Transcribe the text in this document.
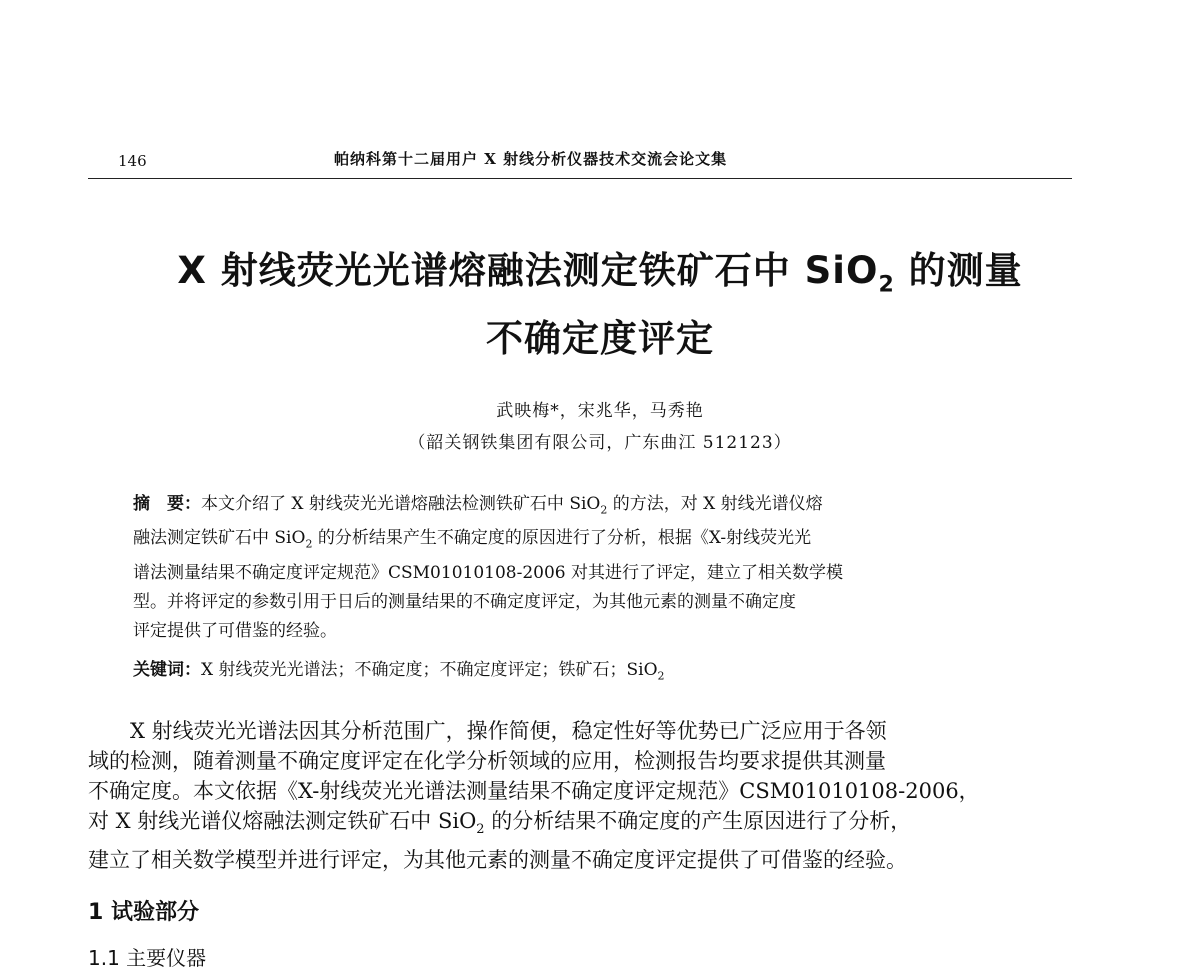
146	帕纳科第十二届用户 X 射线分析仪器技术交流会论文集
X 射线荧光光谱熔融法测定铁矿石中 SiO$_2$ 的测量
不确定度评定
武映梅*，宋兆华，马秀艳
（韶关钢铁集团有限公司，广东曲江 512123）
摘　要：本文介绍了 X 射线荧光光谱熔融法检测铁矿石中 SiO$_2$ 的方法，对 X 射线光谱仪熔
融法测定铁矿石中 SiO$_2$ 的分析结果产生不确定度的原因进行了分析，根据《X-射线荧光光
谱法测量结果不确定度评定规范》CSM01010108-2006 对其进行了评定，建立了相关数学模
型。并将评定的参数引用于日后的测量结果的不确定度评定，为其他元素的测量不确定度
评定提供了可借鉴的经验。
关键词：X 射线荧光光谱法；不确定度；不确定度评定；铁矿石；SiO$_2$
　　X 射线荧光光谱法因其分析范围广，操作简便，稳定性好等优势已广泛应用于各领
域的检测，随着测量不确定度评定在化学分析领域的应用，检测报告均要求提供其测量
不确定度。本文依据《X-射线荧光光谱法测量结果不确定度评定规范》CSM01010108-2006，
对 X 射线光谱仪熔融法测定铁矿石中 SiO$_2$ 的分析结果不确定度的产生原因进行了分析，
建立了相关数学模型并进行评定，为其他元素的测量不确定度评定提供了可借鉴的经验。
1 试验部分
1.1 主要仪器
